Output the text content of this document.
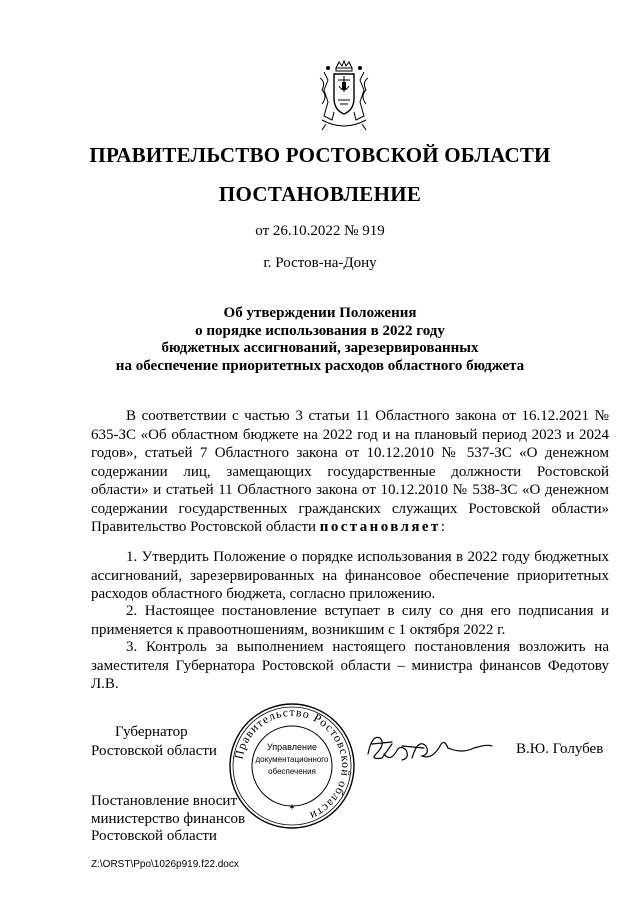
ПРАВИТЕЛЬСТВО РОСТОВСКОЙ ОБЛАСТИ
ПОСТАНОВЛЕНИЕ
от 26.10.2022 № 919
г. Ростов-на-Дону
Об утверждении Положения
о порядке использования в 2022 году
бюджетных ассигнований, зарезервированных
на обеспечение приоритетных расходов областного бюджета
В соответствии с частью 3 статьи 11 Областного закона от 16.12.2021 № 635-ЗС «Об областном бюджете на 2022 год и на плановый период 2023 и 2024 годов», статьей 7 Областного закона от 10.12.2010 № 537-ЗС «О денежном содержании лиц, замещающих государственные должности Ростовской области» и статьей 11 Областного закона от 10.12.2010 № 538-ЗС «О денежном содержании государственных гражданских служащих Ростовской области» Правительство Ростовской области постановляет:
1. Утвердить Положение о порядке использования в 2022 году бюджетных ассигнований, зарезервированных на финансовое обеспечение приоритетных расходов областного бюджета, согласно приложению.
2. Настоящее постановление вступает в силу со дня его подписания и применяется к правоотношениям, возникшим с 1 октября 2022 г.
3. Контроль за выполнением настоящего постановления возложить на заместителя Губернатора Ростовской области – министра финансов Федотову Л.В.
Губернатор
Ростовской области Правительство Ростовской области
Управление
документационного
обеспечения
✶
В.Ю. Голубев
Постановление вносит
министерство финансов
Ростовской области
Z:\ORST\Ppo\1026p919.f22.docx
